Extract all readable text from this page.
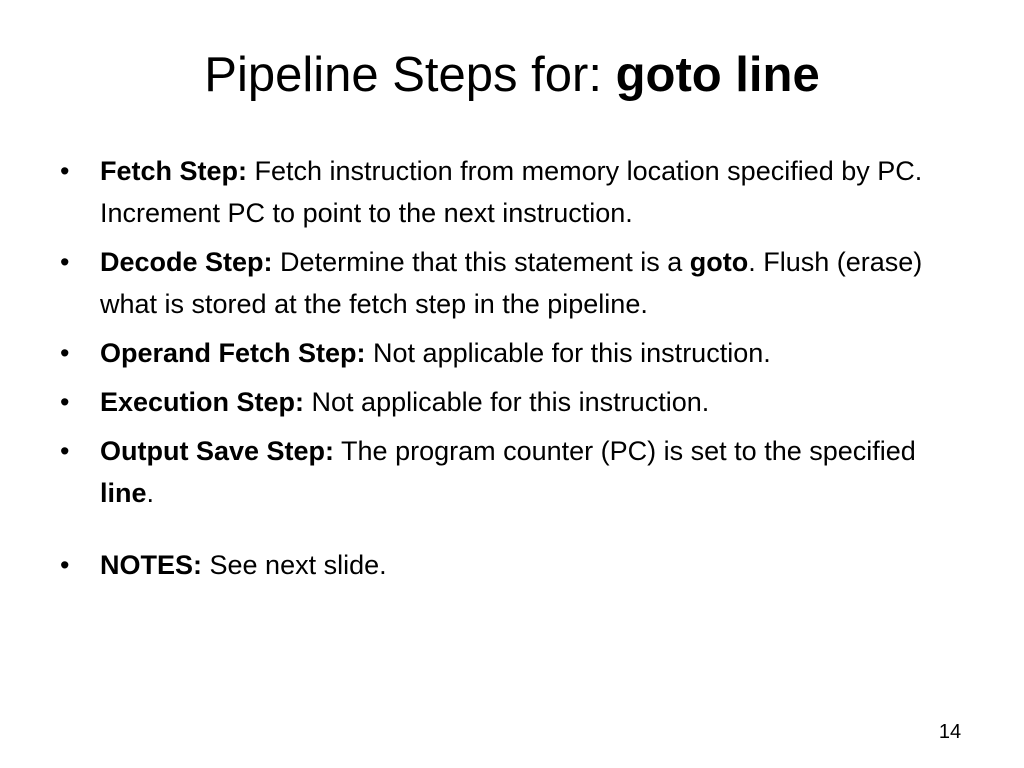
Pipeline Steps for: goto line
• Fetch Step: Fetch instruction from memory location specified by PC. Increment PC to point to the next instruction.
• Decode Step: Determine that this statement is a goto. Flush (erase) what is stored at the fetch step in the pipeline.
• Operand Fetch Step: Not applicable for this instruction.
• Execution Step: Not applicable for this instruction.
• Output Save Step: The program counter (PC) is set to the specified line.
• NOTES: See next slide.
14
